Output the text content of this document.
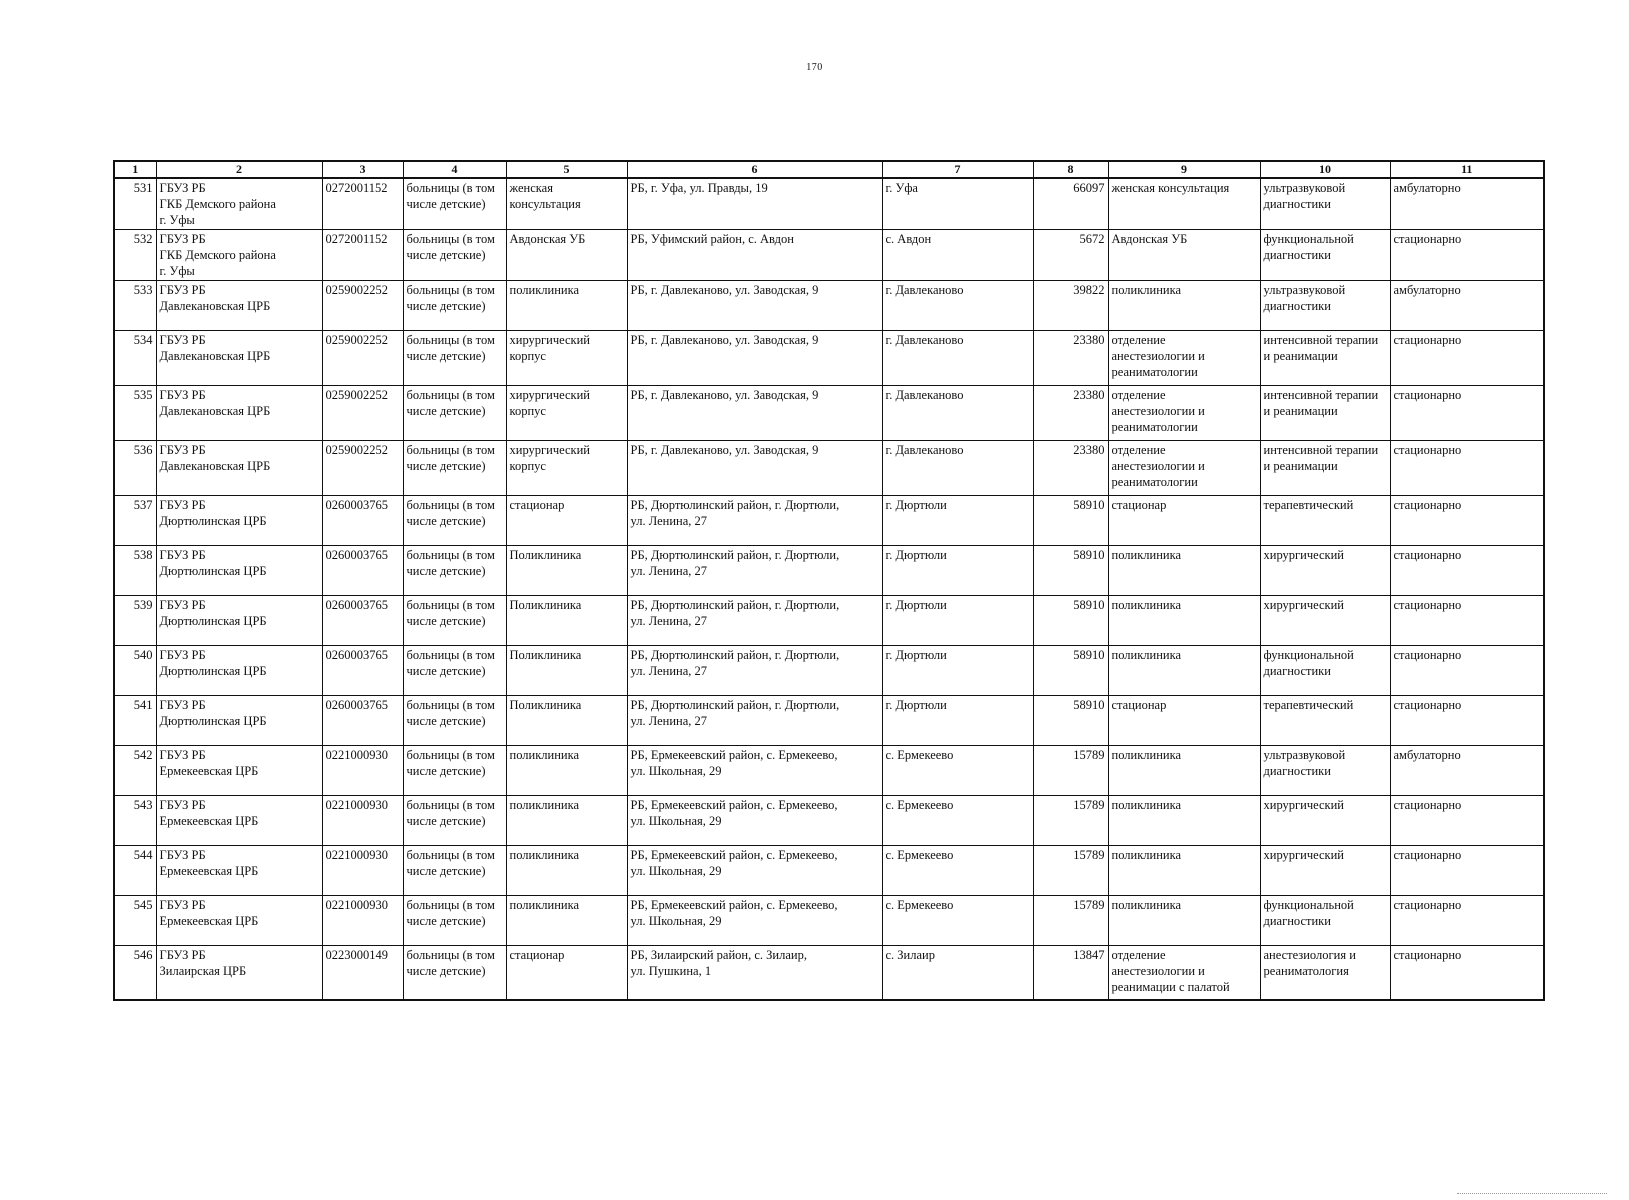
170
1	2	3	4	5	6	7	8	9	10	11
531	ГБУЗ РБ
ГКБ Демского района
г. Уфы	0272001152	больницы (в том
числе детские)	женская
консультация	РБ, г. Уфа, ул. Правды, 19	г. Уфа	66097	женская консультация	ультразвуковой
диагностики	амбулаторно
532	ГБУЗ РБ
ГКБ Демского района
г. Уфы	0272001152	больницы (в том
числе детские)	Авдонская УБ	РБ, Уфимский район, с. Авдон	с. Авдон	5672	Авдонская УБ	функциональной
диагностики	стационарно
533	ГБУЗ РБ
Давлекановская ЦРБ	0259002252	больницы (в том
числе детские)	поликлиника	РБ, г. Давлеканово, ул. Заводская, 9	г. Давлеканово	39822	поликлиника	ультразвуковой
диагностики	амбулаторно
534	ГБУЗ РБ
Давлекановская ЦРБ	0259002252	больницы (в том
числе детские)	хирургический
корпус	РБ, г. Давлеканово, ул. Заводская, 9	г. Давлеканово	23380	отделение
анестезиологии и
реаниматологии	интенсивной терапии
и реанимации	стационарно
535	ГБУЗ РБ
Давлекановская ЦРБ	0259002252	больницы (в том
числе детские)	хирургический
корпус	РБ, г. Давлеканово, ул. Заводская, 9	г. Давлеканово	23380	отделение
анестезиологии и
реаниматологии	интенсивной терапии
и реанимации	стационарно
536	ГБУЗ РБ
Давлекановская ЦРБ	0259002252	больницы (в том
числе детские)	хирургический
корпус	РБ, г. Давлеканово, ул. Заводская, 9	г. Давлеканово	23380	отделение
анестезиологии и
реаниматологии	интенсивной терапии
и реанимации	стационарно
537	ГБУЗ РБ
Дюртюлинская ЦРБ	0260003765	больницы (в том
числе детские)	стационар	РБ, Дюртюлинский район, г. Дюртюли,
ул. Ленина, 27	г. Дюртюли	58910	стационар	терапевтический	стационарно
538	ГБУЗ РБ
Дюртюлинская ЦРБ	0260003765	больницы (в том
числе детские)	Поликлиника	РБ, Дюртюлинский район, г. Дюртюли,
ул. Ленина, 27	г. Дюртюли	58910	поликлиника	хирургический	стационарно
539	ГБУЗ РБ
Дюртюлинская ЦРБ	0260003765	больницы (в том
числе детские)	Поликлиника	РБ, Дюртюлинский район, г. Дюртюли,
ул. Ленина, 27	г. Дюртюли	58910	поликлиника	хирургический	стационарно
540	ГБУЗ РБ
Дюртюлинская ЦРБ	0260003765	больницы (в том
числе детские)	Поликлиника	РБ, Дюртюлинский район, г. Дюртюли,
ул. Ленина, 27	г. Дюртюли	58910	поликлиника	функциональной
диагностики	стационарно
541	ГБУЗ РБ
Дюртюлинская ЦРБ	0260003765	больницы (в том
числе детские)	Поликлиника	РБ, Дюртюлинский район, г. Дюртюли,
ул. Ленина, 27	г. Дюртюли	58910	стационар	терапевтический	стационарно
542	ГБУЗ РБ
Ермекеевская ЦРБ	0221000930	больницы (в том
числе детские)	поликлиника	РБ, Ермекеевский район, с. Ермекеево,
ул. Школьная, 29	с. Ермекеево	15789	поликлиника	ультразвуковой
диагностики	амбулаторно
543	ГБУЗ РБ
Ермекеевская ЦРБ	0221000930	больницы (в том
числе детские)	поликлиника	РБ, Ермекеевский район, с. Ермекеево,
ул. Школьная, 29	с. Ермекеево	15789	поликлиника	хирургический	стационарно
544	ГБУЗ РБ
Ермекеевская ЦРБ	0221000930	больницы (в том
числе детские)	поликлиника	РБ, Ермекеевский район, с. Ермекеево,
ул. Школьная, 29	с. Ермекеево	15789	поликлиника	хирургический	стационарно
545	ГБУЗ РБ
Ермекеевская ЦРБ	0221000930	больницы (в том
числе детские)	поликлиника	РБ, Ермекеевский район, с. Ермекеево,
ул. Школьная, 29	с. Ермекеево	15789	поликлиника	функциональной
диагностики	стационарно
546	ГБУЗ РБ
Зилаирская ЦРБ	0223000149	больницы (в том
числе детские)	стационар	РБ, Зилаирский район, с. Зилаир,
ул. Пушкина, 1	с. Зилаир	13847	отделение
анестезиологии и
реанимации с палатой	анестезиология и
реаниматология	стационарно
